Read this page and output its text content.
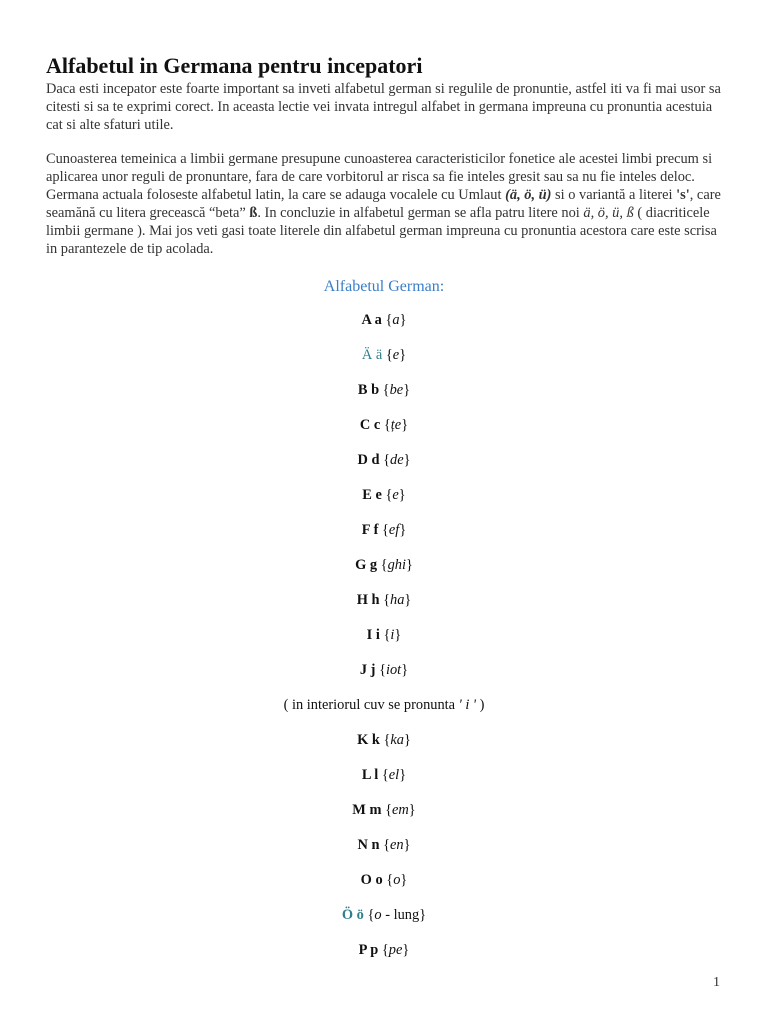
Alfabetul in Germana pentru incepatori

Daca esti incepator este foarte important sa inveti alfabetul german si regulile de pronuntie, astfel iti va fi mai usor sa citesti si sa te exprimi corect. In aceasta lectie vei invata intregul alfabet in germana impreuna cu pronuntia acestuia cat si alte sfaturi utile.

Cunoasterea temeinica a limbii germane presupune cunoasterea caracteristicilor fonetice ale acestei limbi precum si aplicarea unor reguli de pronuntare, fara de care vorbitorul ar risca sa fie inteles gresit sau sa nu fie inteles deloc. Germana actuala foloseste alfabetul latin, la care se adauga vocalele cu Umlaut (ä, ö, ü) si o variantă a literei 's', care seamănă cu litera grecească “beta” ß. In concluzie in alfabetul german se afla patru litere noi ä, ö, ü, ß ( diacriticele limbii germane ). Mai jos veti gasi toate literele din alfabetul german impreuna cu pronuntia acestora care este scrisa in parantezele de tip acolada.

Alfabetul German:
A a {a}
Ä ä {e}
B b {be}
C c {țe}
D d {de}
E e {e}
F f {ef}
G g {ghi}
H h {ha}
I i {i}
J j {iot}
( in interiorul cuv se pronunta ' i ' )
K k {ka}
L l {el}
M m {em}
N n {en}
O o {o}
Ö ö {o - lung}
P p {pe}
1
